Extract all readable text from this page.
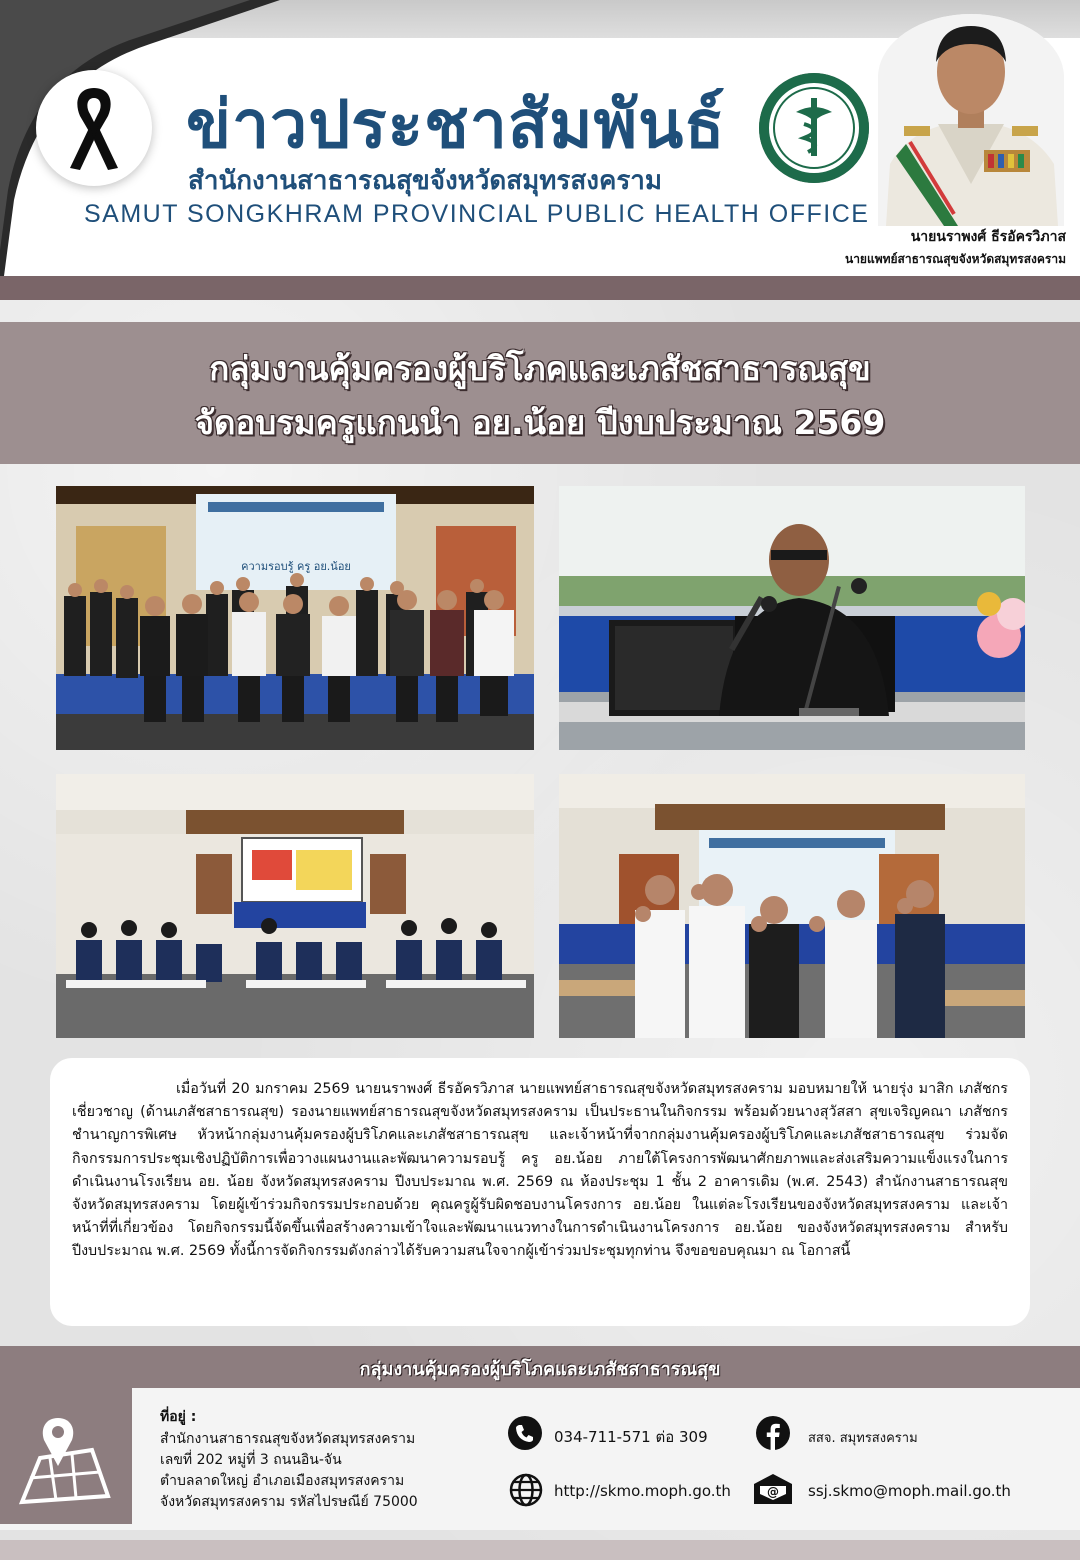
ข่าวประชาสัมพันธ์
สำนักงานสาธารณสุขจังหวัดสมุทรสงคราม
SAMUT SONGKHRAM PROVINCIAL PUBLIC HEALTH OFFICE
นายนราพงศ์ ธีรอัครวิภาส
นายแพทย์สาธารณสุขจังหวัดสมุทรสงคราม
กลุ่มงานคุ้มครองผู้บริโภคและเภสัชสาธารณสุข
จัดอบรมครูแกนนำ อย.น้อย ปีงบประมาณ 2569
ความรอบรู้ ครู อย.น้อย

เมื่อวันที่ 20 มกราคม 2569 นายนราพงศ์ ธีรอัครวิภาส นายแพทย์สาธารณสุขจังหวัดสมุทรสงคราม มอบหมายให้ นายรุ่ง มาสิก เภสัชกรเชี่ยวชาญ (ด้านเภสัชสาธารณสุข) รองนายแพทย์สาธารณสุขจังหวัดสมุทรสงคราม เป็นประธานในกิจกรรม พร้อมด้วยนางสุวัสสา สุขเจริญคณา เภสัชกรชำนาญการพิเศษ หัวหน้ากลุ่มงานคุ้มครองผู้บริโภคและเภสัชสาธารณสุข และเจ้าหน้าที่จากกลุ่มงานคุ้มครองผู้บริโภคและเภสัชสาธารณสุข ร่วมจัดกิจกรรมการประชุมเชิงปฏิบัติการเพื่อวางแผนงานและพัฒนาความรอบรู้ ครู อย.น้อย ภายใต้โครงการพัฒนาศักยภาพและส่งเสริมความแข็งแรงในการดำเนินงานโรงเรียน อย. น้อย จังหวัดสมุทรสงคราม ปีงบประมาณ พ.ศ. 2569 ณ ห้องประชุม 1 ชั้น 2 อาคารเดิม (พ.ศ. 2543) สำนักงานสาธารณสุขจังหวัดสมุทรสงคราม โดยผู้เข้าร่วมกิจกรรมประกอบด้วย คุณครูผู้รับผิดชอบงานโครงการ อย.น้อย ในแต่ละโรงเรียนของจังหวัดสมุทรสงคราม และเจ้าหน้าที่ที่เกี่ยวข้อง โดยกิจกรรมนี้จัดขึ้นเพื่อสร้างความเข้าใจและพัฒนาแนวทางในการดำเนินงานโครงการ อย.น้อย ของจังหวัดสมุทรสงคราม สำหรับปีงบประมาณ พ.ศ. 2569 ทั้งนี้การจัดกิจกรรมดังกล่าวได้รับความสนใจจากผู้เข้าร่วมประชุมทุกท่าน จึงขอขอบคุณมา ณ โอกาสนี้

กลุ่มงานคุ้มครองผู้บริโภคและเภสัชสาธารณสุข
ที่อยู่ :
สำนักงานสาธารณสุขจังหวัดสมุทรสงคราม
เลขที่ 202 หมู่ที่ 3 ถนนอิน-จัน
ตำบลลาดใหญ่ อำเภอเมืองสมุทรสงคราม
จังหวัดสมุทรสงคราม รหัสไปรษณีย์ 75000
034-711-571 ต่อ 309	สสจ. สมุทรสงคราม
http://skmo.moph.go.th	@ ssj.skmo@moph.mail.go.th
